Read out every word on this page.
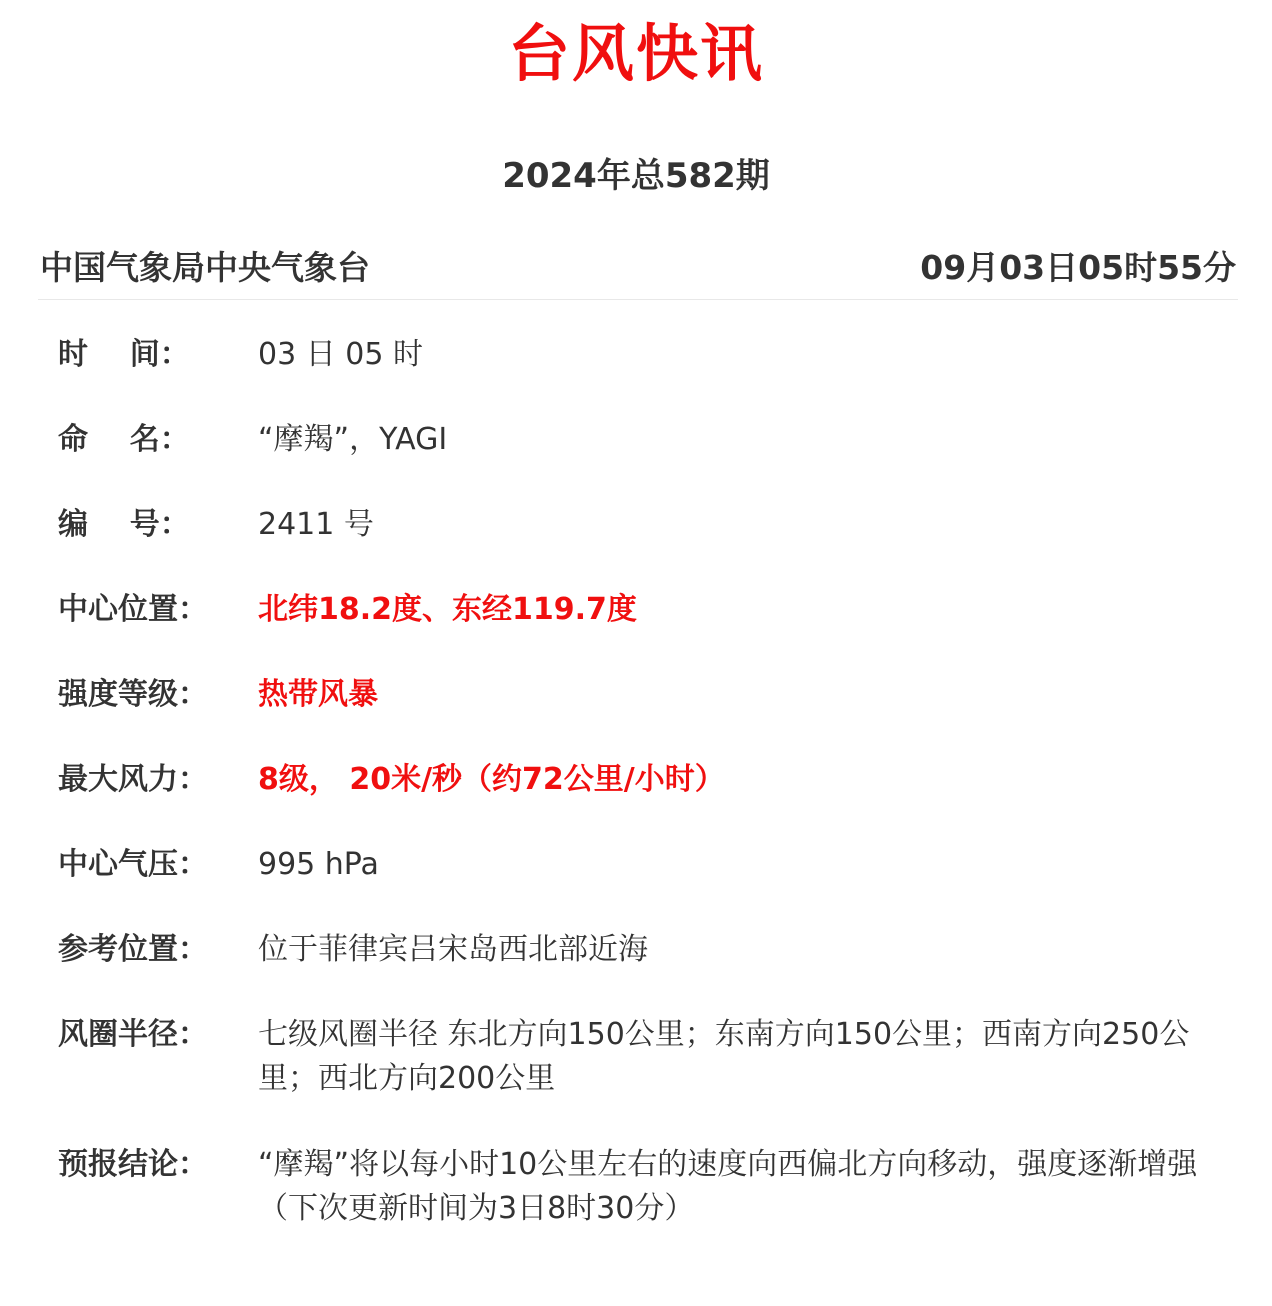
台风快讯
2024年总582期
中国气象局中央气象台	09月03日05时55分
时    间：	03 日 05 时
命    名：	“摩羯”，YAGI
编    号：	2411 号
中心位置：	北纬18.2度、东经119.7度
强度等级：	热带风暴
最大风力：	8级， 20米/秒（约72公里/小时）
中心气压：	995 hPa
参考位置：	位于菲律宾吕宋岛西北部近海
风圈半径：	七级风圈半径 东北方向150公里；东南方向150公里；西南方向250公里；西北方向200公里
预报结论：	“摩羯”将以每小时10公里左右的速度向西偏北方向移动，强度逐渐增强
（下次更新时间为3日8时30分）
